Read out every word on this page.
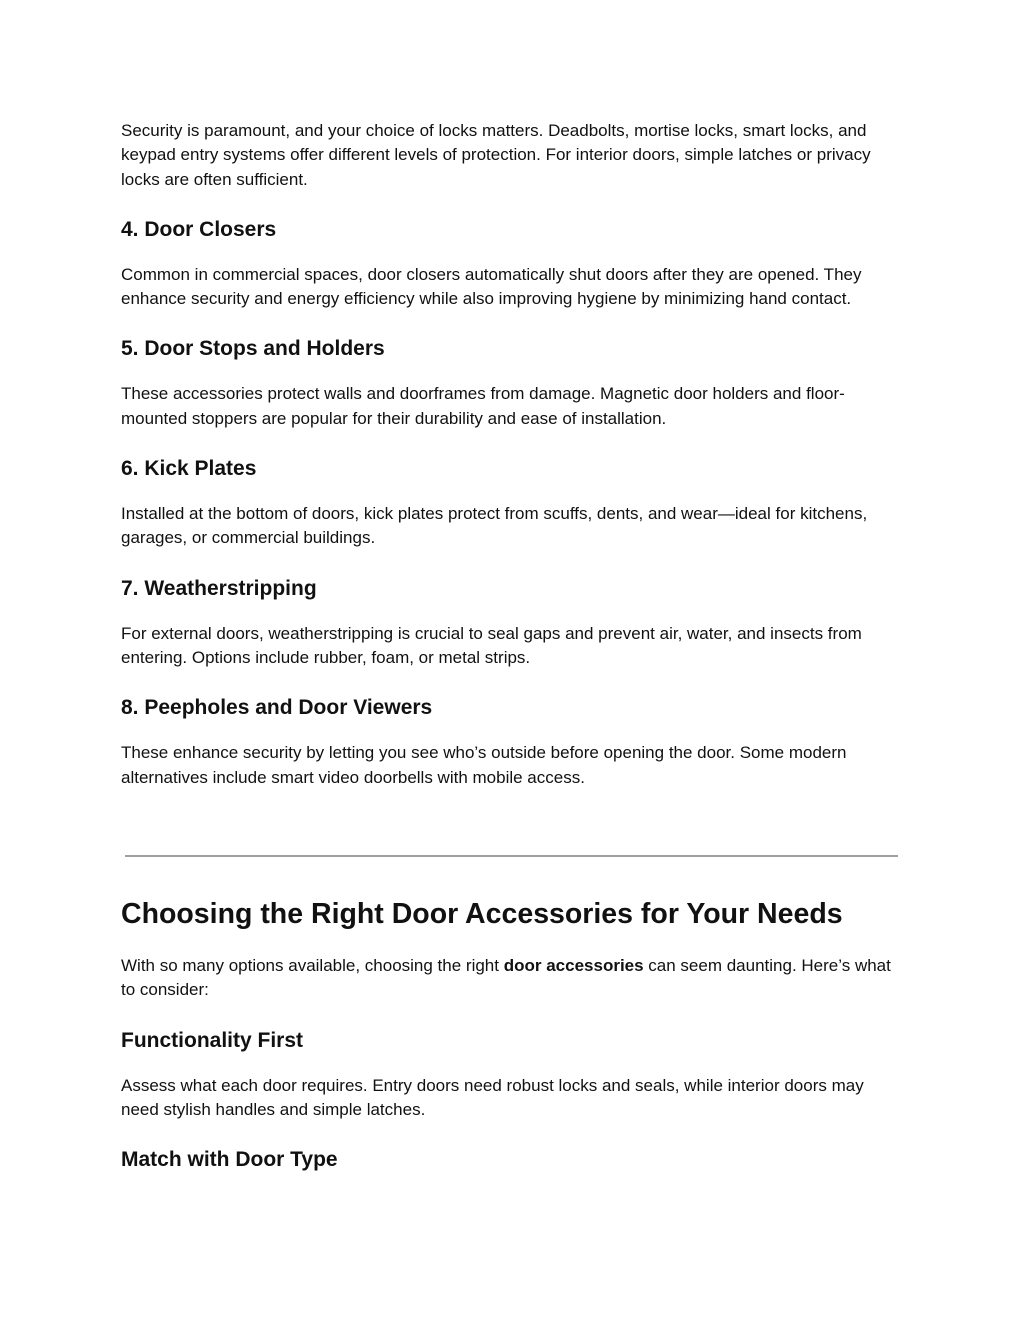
Security is paramount, and your choice of locks matters. Deadbolts, mortise locks, smart locks, and keypad entry systems offer different levels of protection. For interior doors, simple latches or privacy locks are often sufficient.

4. Door Closers

Common in commercial spaces, door closers automatically shut doors after they are opened. They enhance security and energy efficiency while also improving hygiene by minimizing hand contact.

5. Door Stops and Holders

These accessories protect walls and doorframes from damage. Magnetic door holders and floor-mounted stoppers are popular for their durability and ease of installation.

6. Kick Plates

Installed at the bottom of doors, kick plates protect from scuffs, dents, and wear—ideal for kitchens, garages, or commercial buildings.

7. Weatherstripping

For external doors, weatherstripping is crucial to seal gaps and prevent air, water, and insects from entering. Options include rubber, foam, or metal strips.

8. Peepholes and Door Viewers

These enhance security by letting you see who’s outside before opening the door. Some modern alternatives include smart video doorbells with mobile access.

Choosing the Right Door Accessories for Your Needs

With so many options available, choosing the right door accessories can seem daunting. Here’s what to consider:

Functionality First

Assess what each door requires. Entry doors need robust locks and seals, while interior doors may need stylish handles and simple latches.

Match with Door Type
